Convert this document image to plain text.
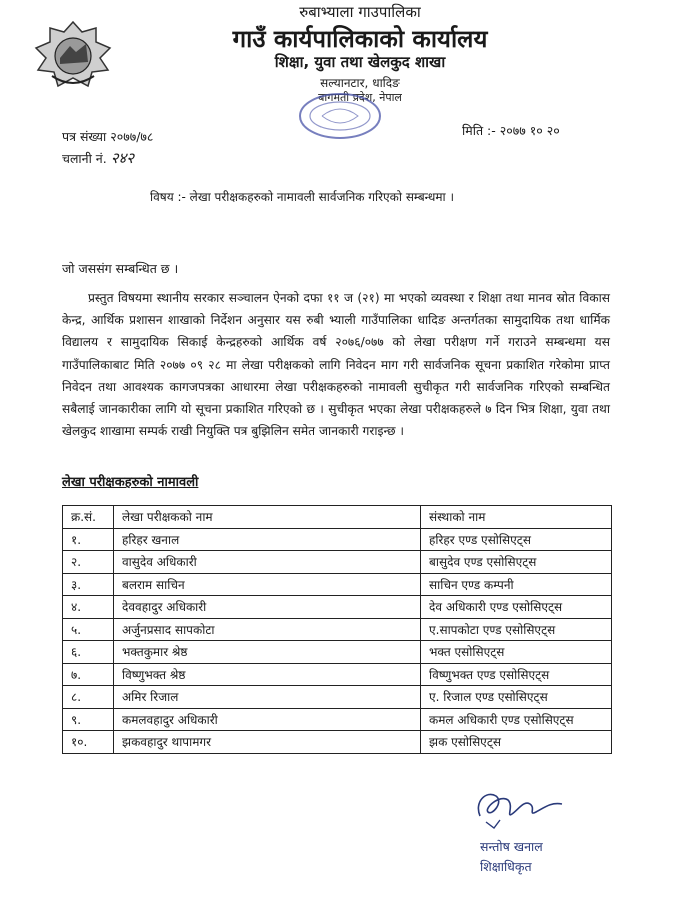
रुबाभ्याला गाउपालिका
गाउँ कार्यपालिकाको कार्यालय
शिक्षा, युवा तथा खेलकुद शाखा
सल्यानटार, धादिङ
बागमती प्रदेश, नेपाल
पत्र संख्या २०७७/७८
चलानी नं. २४२
मिति :- २०७७ १० २०
विषय :- लेखा परीक्षकहरुको नामावली सार्वजनिक गरिएको सम्बन्धमा ।
जो जससंग सम्बन्धित छ ।
प्रस्तुत विषयमा स्थानीय सरकार सञ्चालन ऐनको दफा ११ ज (२१) मा भएको व्यवस्था र शिक्षा तथा मानव स्रोत विकास केन्द्र, आर्थिक प्रशासन शाखाको निर्देशन अनुसार यस रुबी भ्याली गाउँपालिका धादिङ अन्तर्गतका सामुदायिक तथा धार्मिक विद्यालय र सामुदायिक सिकाई केन्द्रहरुको आर्थिक वर्ष २०७६/०७७ को लेखा परीक्षण गर्ने गराउने सम्बन्धमा यस गाउँपालिकाबाट मिति २०७७ ०९ २८ मा लेखा परीक्षकको लागि निवेदन माग गरी सार्वजनिक सूचना प्रकाशित गरेकोमा प्राप्त निवेदन तथा आवश्यक कागजपत्रका आधारमा लेखा परीक्षकहरुको नामावली सुचीकृत गरी सार्वजनिक गरिएको सम्बन्धित सबैलाई जानकारीका लागि यो सूचना प्रकाशित गरिएको छ । सुचीकृत भएका लेखा परीक्षकहरुले ७ दिन भित्र शिक्षा, युवा तथा खेलकुद शाखामा सम्पर्क राखी नियुक्ति पत्र बुझिलिन समेत जानकारी गराइन्छ ।
लेखा परीक्षकहरुको नामावली
क्र.सं.	लेखा परीक्षकको नाम	संस्थाको नाम
१.	हरिहर खनाल	हरिहर एण्ड एसोसिएट्स
२.	वासुदेव अधिकारी	बासुदेव एण्ड एसोसिएट्स
३.	बलराम साचिन	साचिन एण्ड कम्पनी
४.	देववहादुर अधिकारी	देव अधिकारी एण्ड एसोसिएट्स
५.	अर्जुनप्रसाद सापकोटा	ए.सापकोटा एण्ड एसोसिएट्स
६.	भक्तकुमार श्रेष्ठ	भक्त एसोसिएट्स
७.	विष्णुभक्त श्रेष्ठ	विष्णुभक्त एण्ड एसोसिएट्स
८.	अमिर रिजाल	ए. रिजाल एण्ड एसोसिएट्स
९.	कमलवहादुर अधिकारी	कमल अधिकारी एण्ड एसोसिएट्स
१०.	झकवहादुर थापामगर	झक एसोसिएट्स
सन्तोष खनाल
शिक्षाधिकृत
